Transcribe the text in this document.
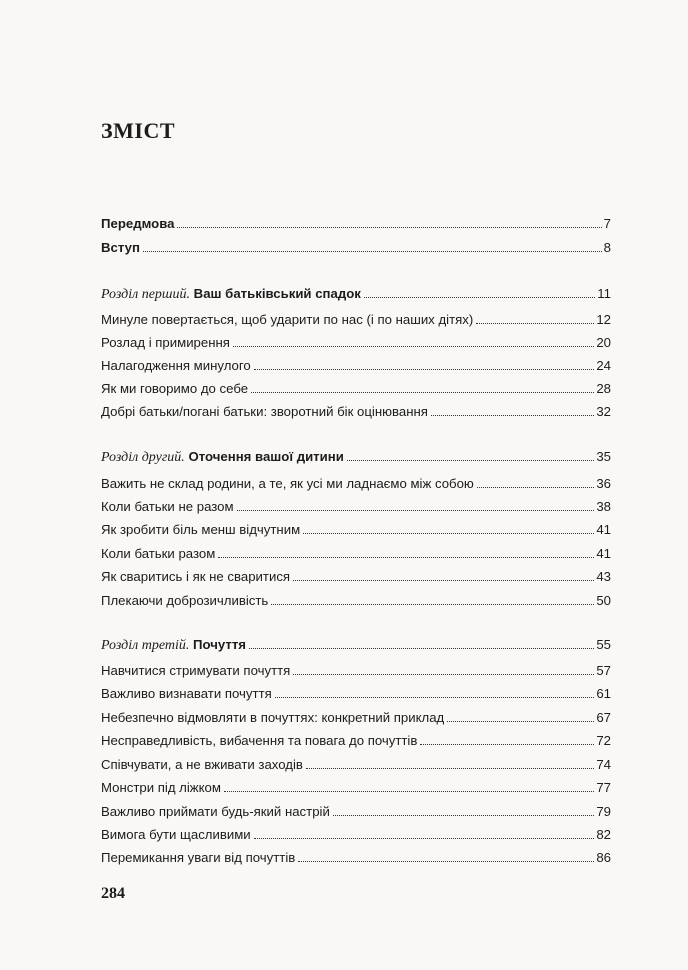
ЗМІСТ
Передмова	7
Вступ	8
Розділ перший. Ваш батьківський спадок	11
Минуле повертається, щоб ударити по нас (і по наших дітях)	12
Розлад і примирення	20
Налагодження минулого	24
Як ми говоримо до себе	28
Добрі батьки/погані батьки: зворотний бік оцінювання	32
Розділ другий. Оточення вашої дитини	35
Важить не склад родини, а те, як усі ми ладнаємо між собою	36
Коли батьки не разом	38
Як зробити біль менш відчутним	41
Коли батьки разом	41
Як сваритись і як не сваритися	43
Плекаючи доброзичливість	50
Розділ третій. Почуття	55
Навчитися стримувати почуття	57
Важливо визнавати почуття	61
Небезпечно відмовляти в почуттях: конкретний приклад	67
Несправедливість, вибачення та повага до почуттів	72
Співчувати, а не вживати заходів	74
Монстри під ліжком	77
Важливо приймати будь-який настрій	79
Вимога бути щасливими	82
Перемикання уваги від почуттів	86

284
